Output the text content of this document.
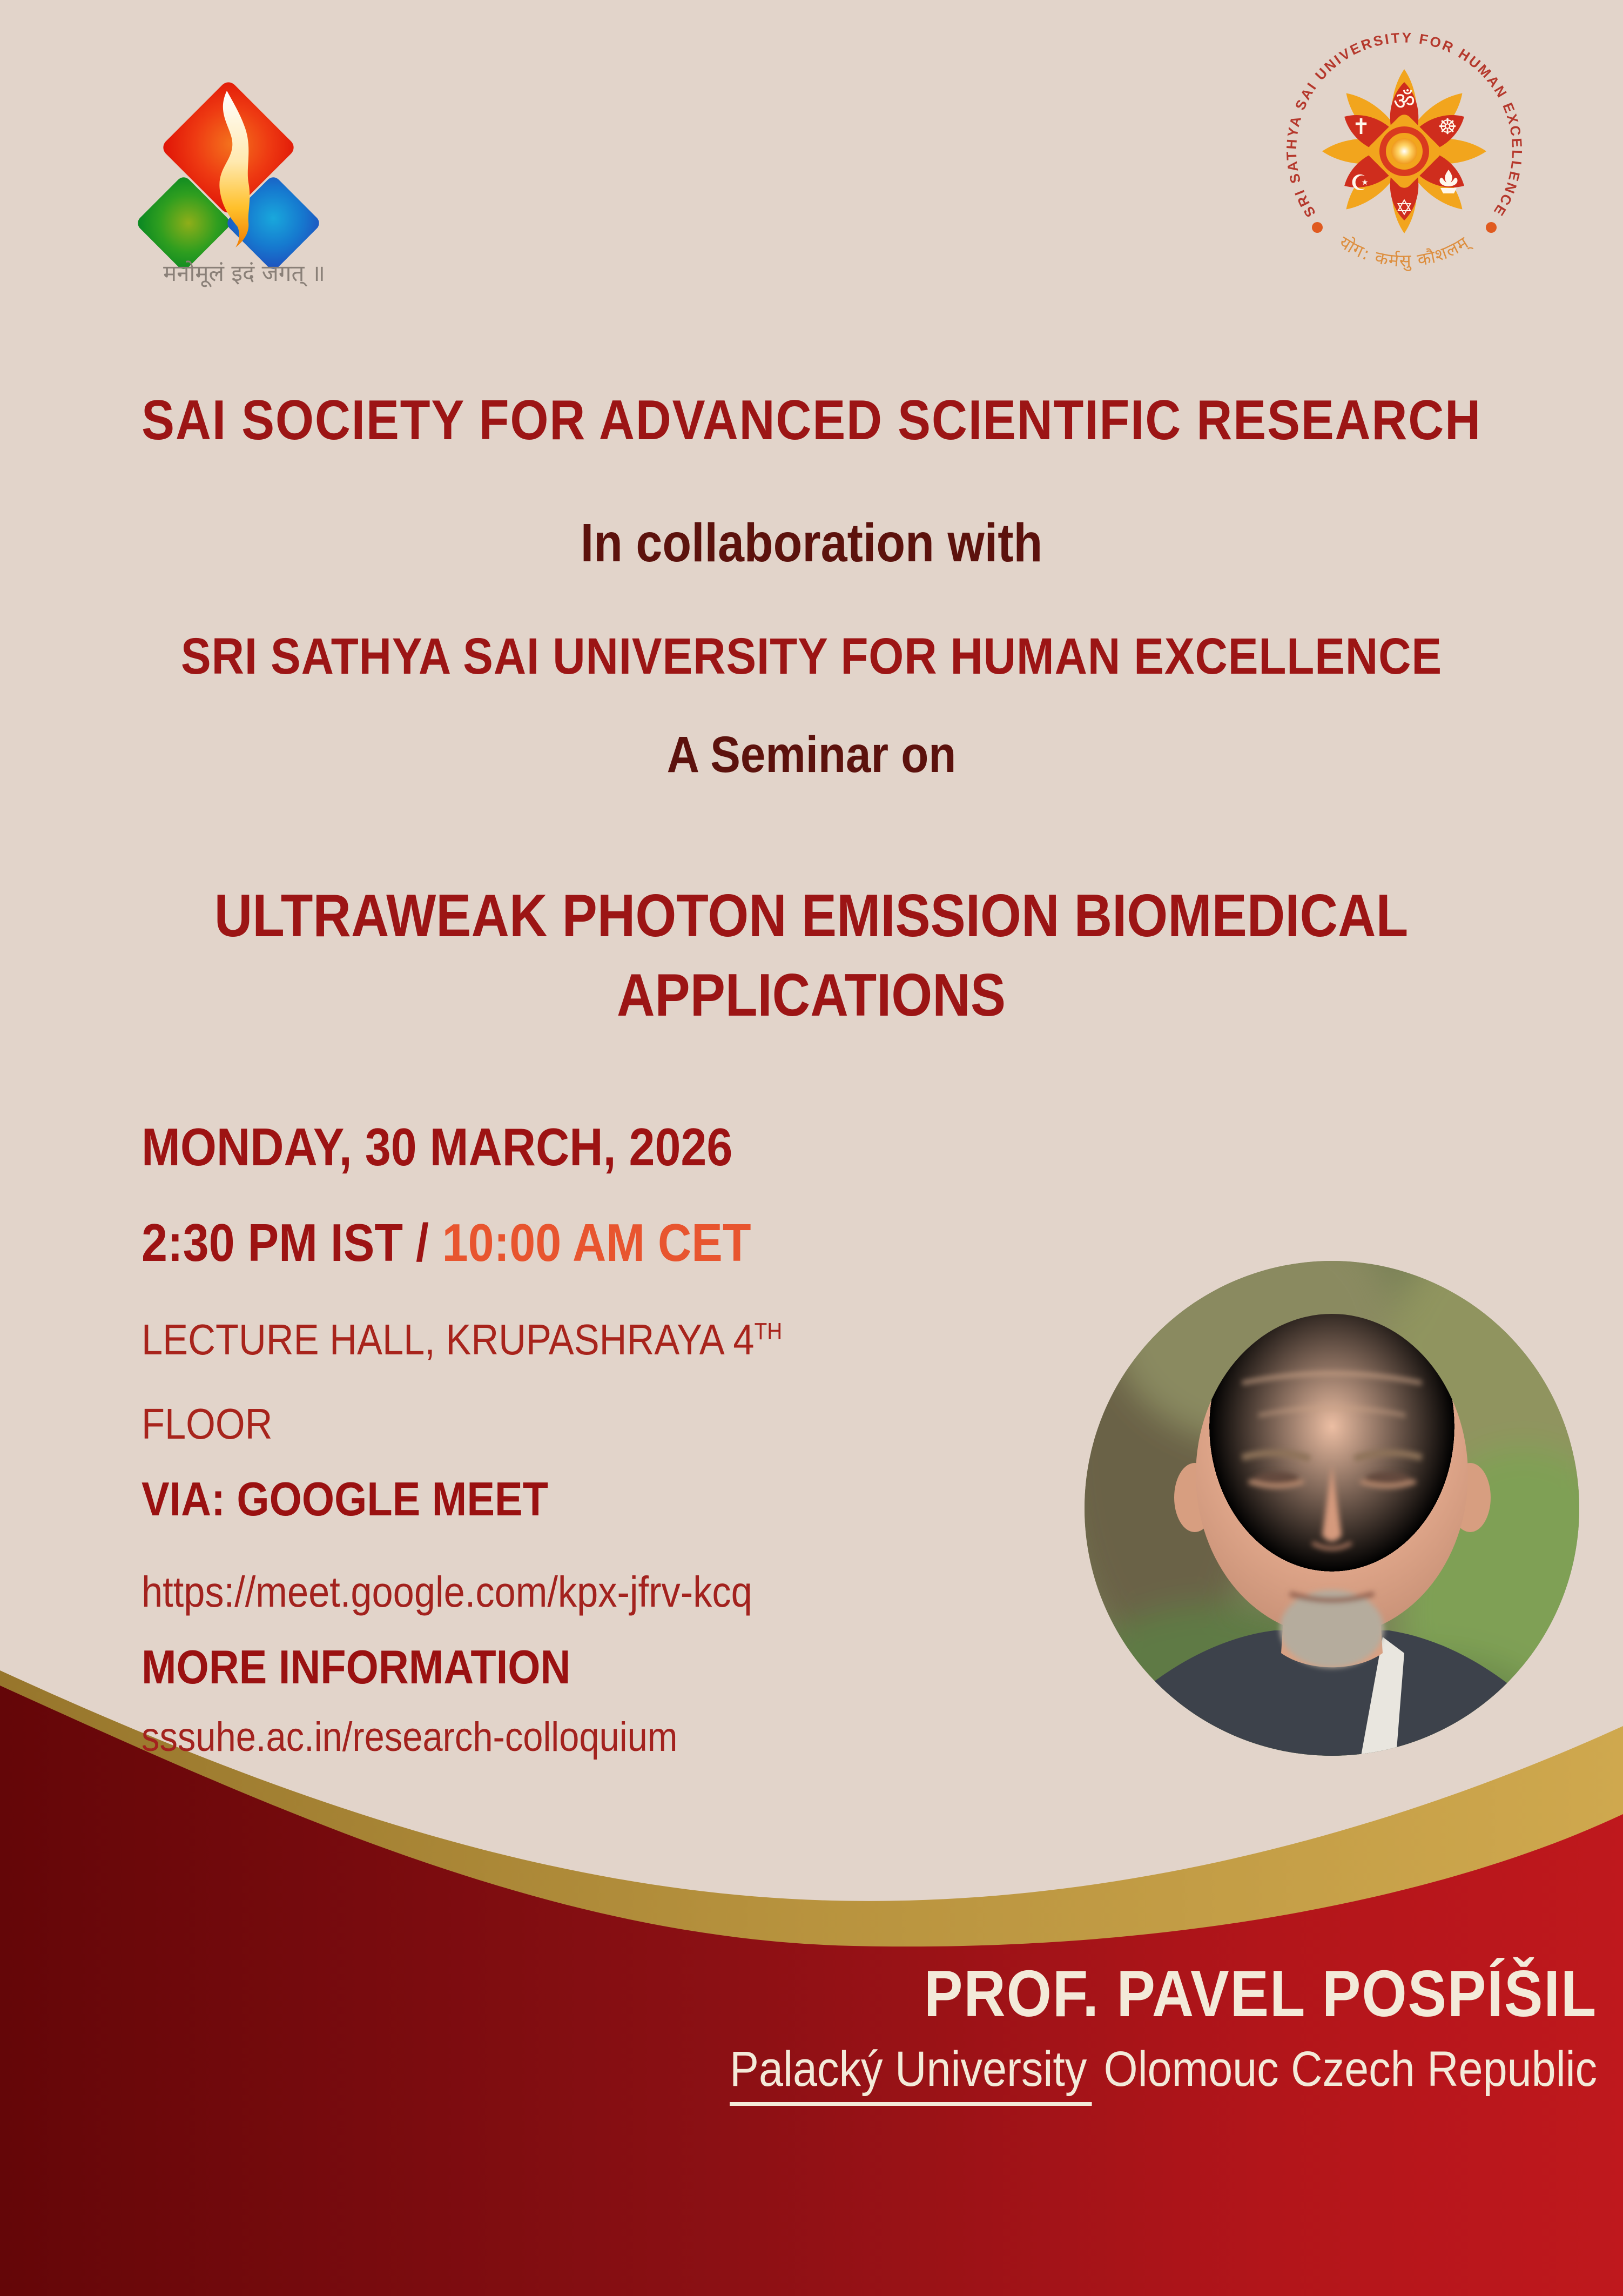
मनोमूलं इदं जगत् ॥
SRI SATHYA SAI UNIVERSITY FOR HUMAN EXCELLENCE
ॐ
✝	☸
☪
✡
योग: कर्मसु कौशलम्
SAI SOCIETY FOR ADVANCED SCIENTIFIC RESEARCH
In collaboration with
SRI SATHYA SAI UNIVERSITY FOR HUMAN EXCELLENCE
A Seminar on
ULTRAWEAK PHOTON EMISSION BIOMEDICAL APPLICATIONS
MONDAY, 30 MARCH, 2026
2:30 PM IST / 10:00 AM CET
LECTURE HALL, KRUPASHRAYA 4TH
FLOOR
VIA: GOOGLE MEET
https://meet.google.com/kpx-jfrv-kcq
MORE INFORMATION
sssuhe.ac.in/research-colloquium
PROF. PAVEL POSPÍŠIL
Palacký University Olomouc Czech Republic
